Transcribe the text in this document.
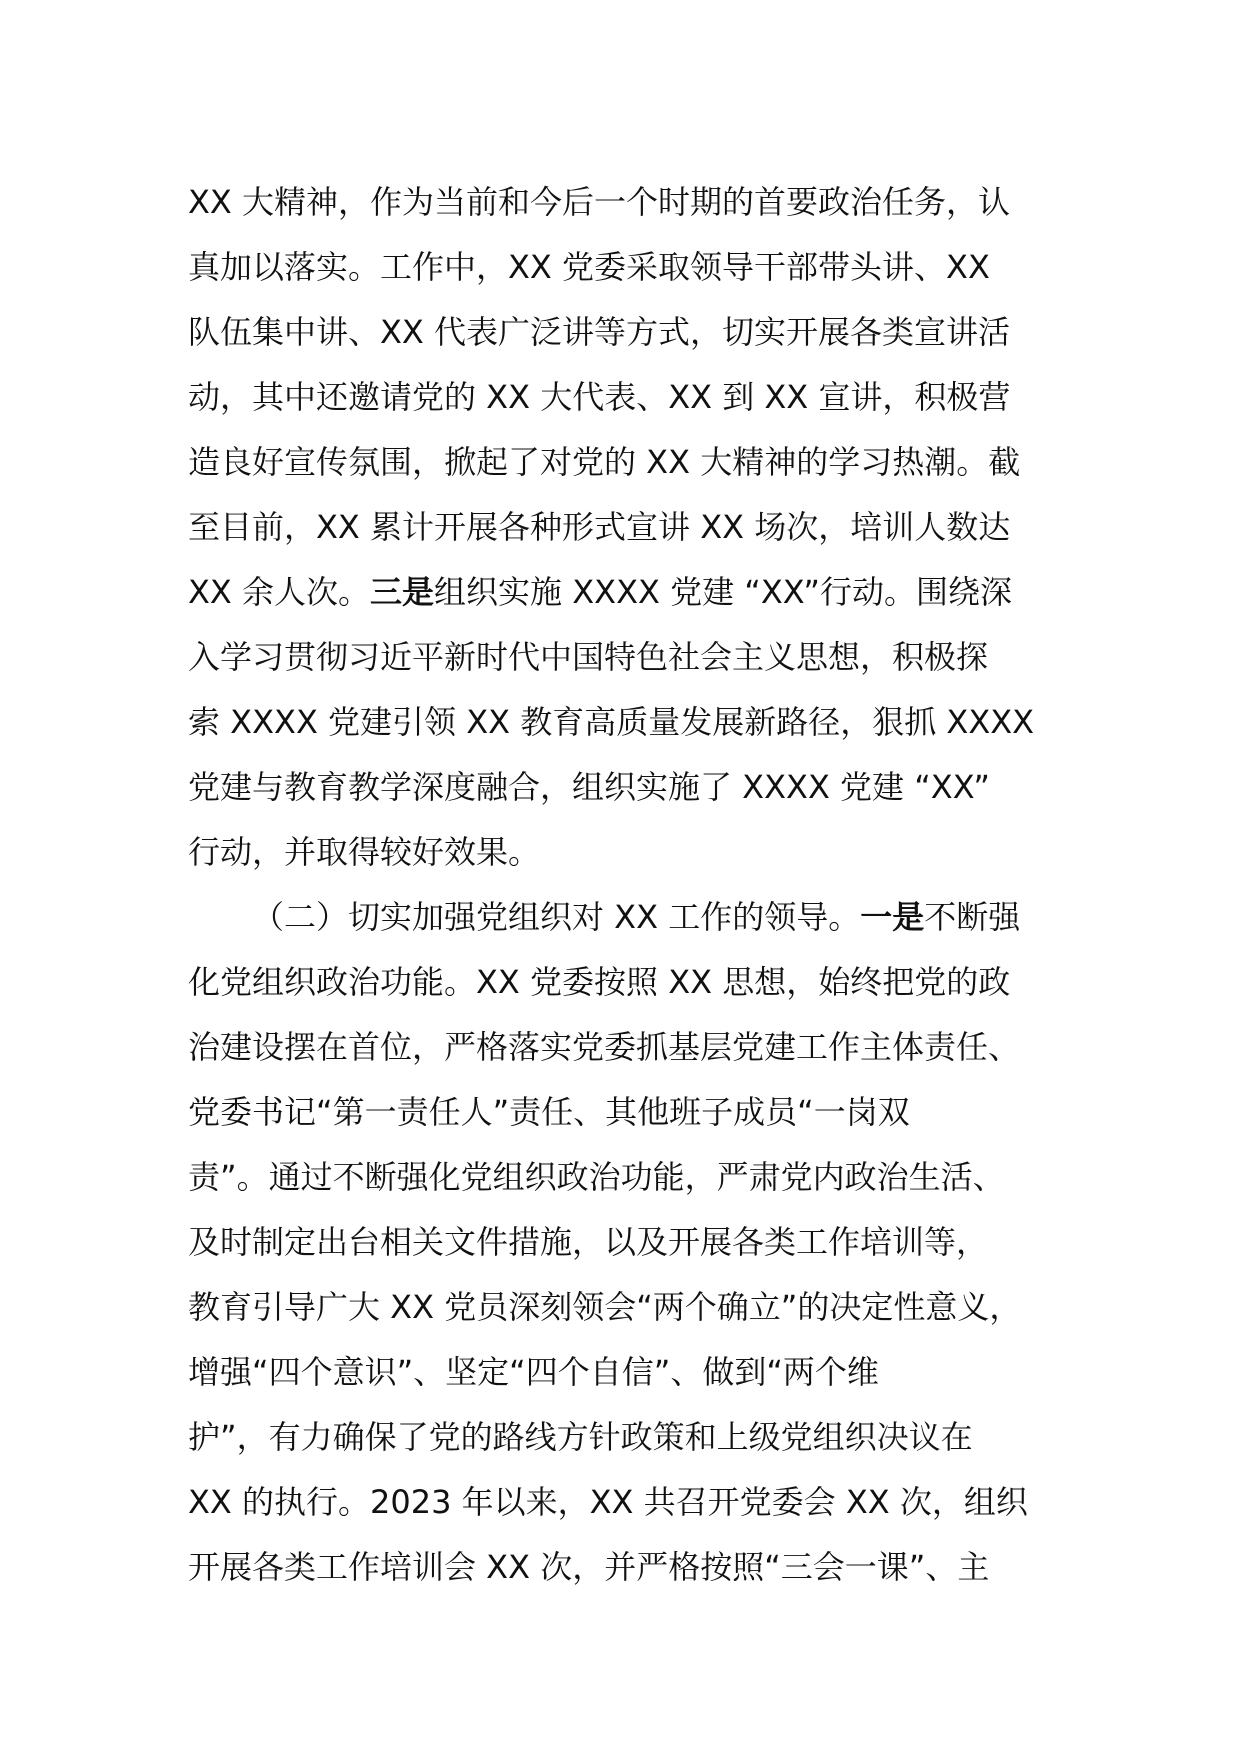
XX 大精神，作为当前和今后一个时期的首要政治任务，认
真加以落实。工作中，XX 党委采取领导干部带头讲、XX
队伍集中讲、XX 代表广泛讲等方式，切实开展各类宣讲活
动，其中还邀请党的 XX 大代表、XX 到 XX 宣讲，积极营
造良好宣传氛围，掀起了对党的 XX 大精神的学习热潮。截
至目前，XX 累计开展各种形式宣讲 XX 场次，培训人数达
XX 余人次。三是组织实施 XXXX 党建 “XX”行动。围绕深
入学习贯彻习近平新时代中国特色社会主义思想，积极探
索 XXXX 党建引领 XX 教育高质量发展新路径，狠抓 XXXX
党建与教育教学深度融合，组织实施了 XXXX 党建 “XX”
行动，并取得较好效果。
（二）切实加强党组织对 XX 工作的领导。一是不断强
化党组织政治功能。XX 党委按照 XX 思想，始终把党的政
治建设摆在首位，严格落实党委抓基层党建工作主体责任、
党委书记“第一责任人”责任、其他班子成员“一岗双
责”。通过不断强化党组织政治功能，严肃党内政治生活、
及时制定出台相关文件措施，以及开展各类工作培训等，
教育引导广大 XX 党员深刻领会“两个确立”的决定性意义，
增强“四个意识”、坚定“四个自信”、做到“两个维
护”，有力确保了党的路线方针政策和上级党组织决议在
XX 的执行。2023 年以来，XX 共召开党委会 XX 次，组织
开展各类工作培训会 XX 次，并严格按照“三会一课”、主
